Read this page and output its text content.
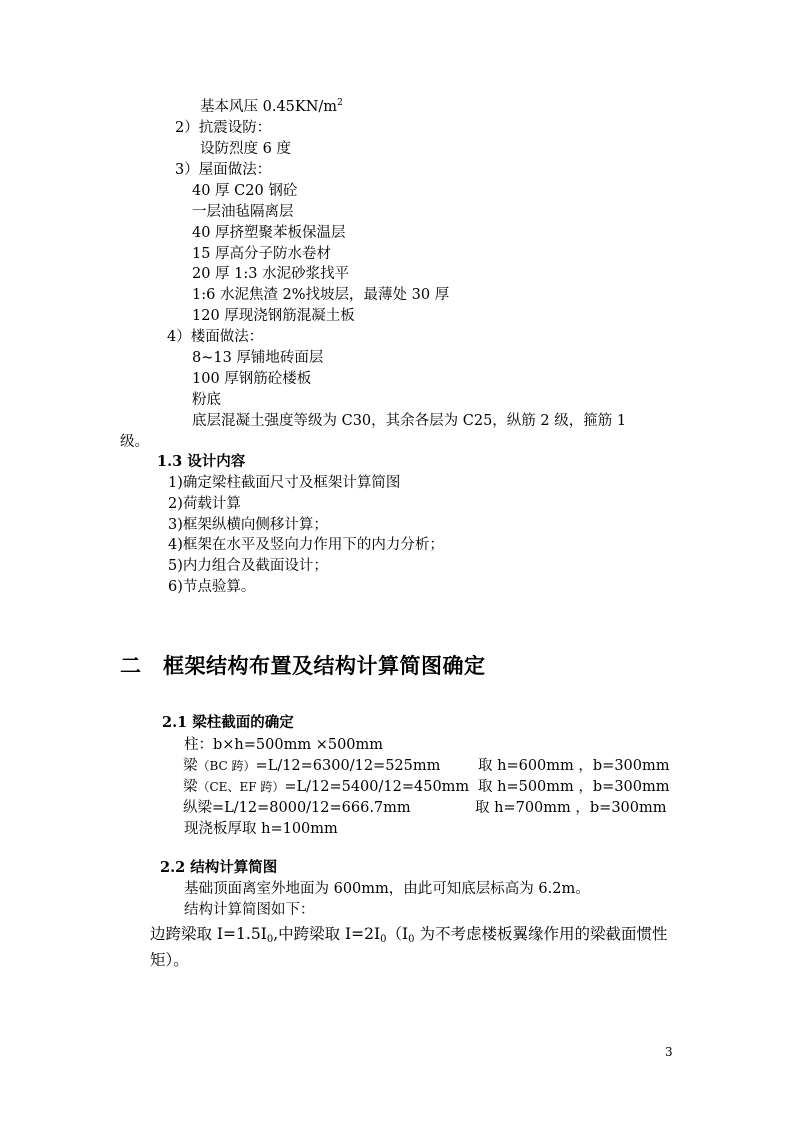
基本风压 $0.45KN/m^2$
2）抗震设防：
设防烈度 6 度
3）屋面做法：
40 厚 C20 钢砼
一层油毡隔离层
40 厚挤塑聚苯板保温层
15 厚高分子防水卷材
20 厚 1:3 水泥砂浆找平
1:6 水泥焦渣 2%找坡层，最薄处 30 厚
120 厚现浇钢筋混凝土板
4）楼面做法：
8~13 厚铺地砖面层
100 厚钢筋砼楼板
粉底
底层混凝土强度等级为 C30，其余各层为 C25，纵筋 2 级，箍筋 1
级。
1.3 设计内容
1)确定梁柱截面尺寸及框架计算简图
2)荷载计算
3)框架纵横向侧移计算；
4)框架在水平及竖向力作用下的内力分析；
5)内力组合及截面设计；
6)节点验算。
二　框架结构布置及结构计算简图确定
2.1 梁柱截面的确定
柱：b×h=500mm ×500mm
梁（BC 跨）=L/12=6300/12=525mm	取 h=600mm ，b=300mm
梁（CE、EF 跨）=L/12=5400/12=450mm 取 h=500mm ，b=300mm
纵梁=L/12=8000/12=666.7mm	取 h=700mm ，b=300mm
现浇板厚取 h=100mm
2.2 结构计算简图
基础顶面离室外地面为 600mm，由此可知底层标高为 6.2m。
结构计算简图如下：
边跨梁取 $I=1.5I_0$,中跨梁取 $I=2I_0(I_0$ 为不考虑楼板翼缘作用的梁截面惯性
矩）。
3
